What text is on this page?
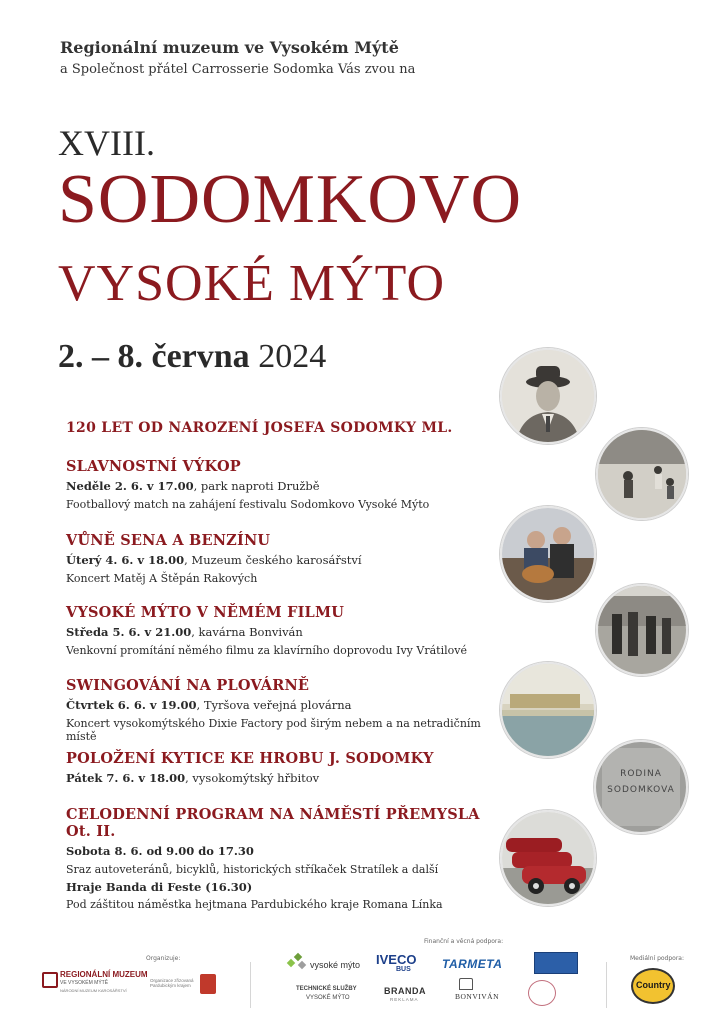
Regionální muzeum ve Vysokém Mýtě
a Společnost přátel Carrosserie Sodomka Vás zvou na
XVIII.
SODOMKOVO
VYSOKÉ MÝTO
2. – 8. června 2024
120 LET OD NAROZENÍ JOSEFA SODOMKY ML.
SLAVNOSTNÍ VÝKOP
Neděle 2. 6. v 17.00, park naproti Družbě
Footballový match na zahájení festivalu Sodomkovo Vysoké Mýto
VŮNĚ SENA A BENZÍNU
Úterý 4. 6. v 18.00, Muzeum českého karosářství
Koncert Matěj A Štěpán Rakových
VYSOKÉ MÝTO V NĚMÉM FILMU
Středa 5. 6. v 21.00, kavárna Bonviván
Venkovní promítání němého filmu za klavírního doprovodu Ivy Vrátilové
SWINGOVÁNÍ NA PLOVÁRNĚ
Čtvrtek 6. 6. v 19.00, Tyršova veřejná plovárna
Koncert vysokomýtského Dixie Factory pod širým nebem a na netradičním místě
POLOŽENÍ KYTICE KE HROBU J. SODOMKY
Pátek 7. 6. v 18.00, vysokomýtský hřbitov
CELODENNÍ PROGRAM NA NÁMĚSTÍ PŘEMYSLA Ot. II.
Sobota 8. 6. od 9.00 do 17.30
Sraz autoveteránů, bicyklů, historických stříkaček Stratílek a další
Hraje Banda di Feste (16.30)
Pod záštitou náměstka hejtmana Pardubického kraje Romana Línka
RODINA
SODOMKOVA
Organizuje:
REGIONÁLNÍ MUZEUM
VE VYSOKÉM MÝTĚ
NÁRODNÍ MUZEUM KAROSÁŘSTVÍ
Organizace zřizovaná Pardubickým krajem
Finanční a věcná podpora:
vysoké mýto
TECHNICKÉ SLUŽBY
VYSOKÉ MÝTO
IVECO
BUS	TARMETA
BRANDA
REKLAMA	BONVIVÁN
Mediální podpora:
Country
